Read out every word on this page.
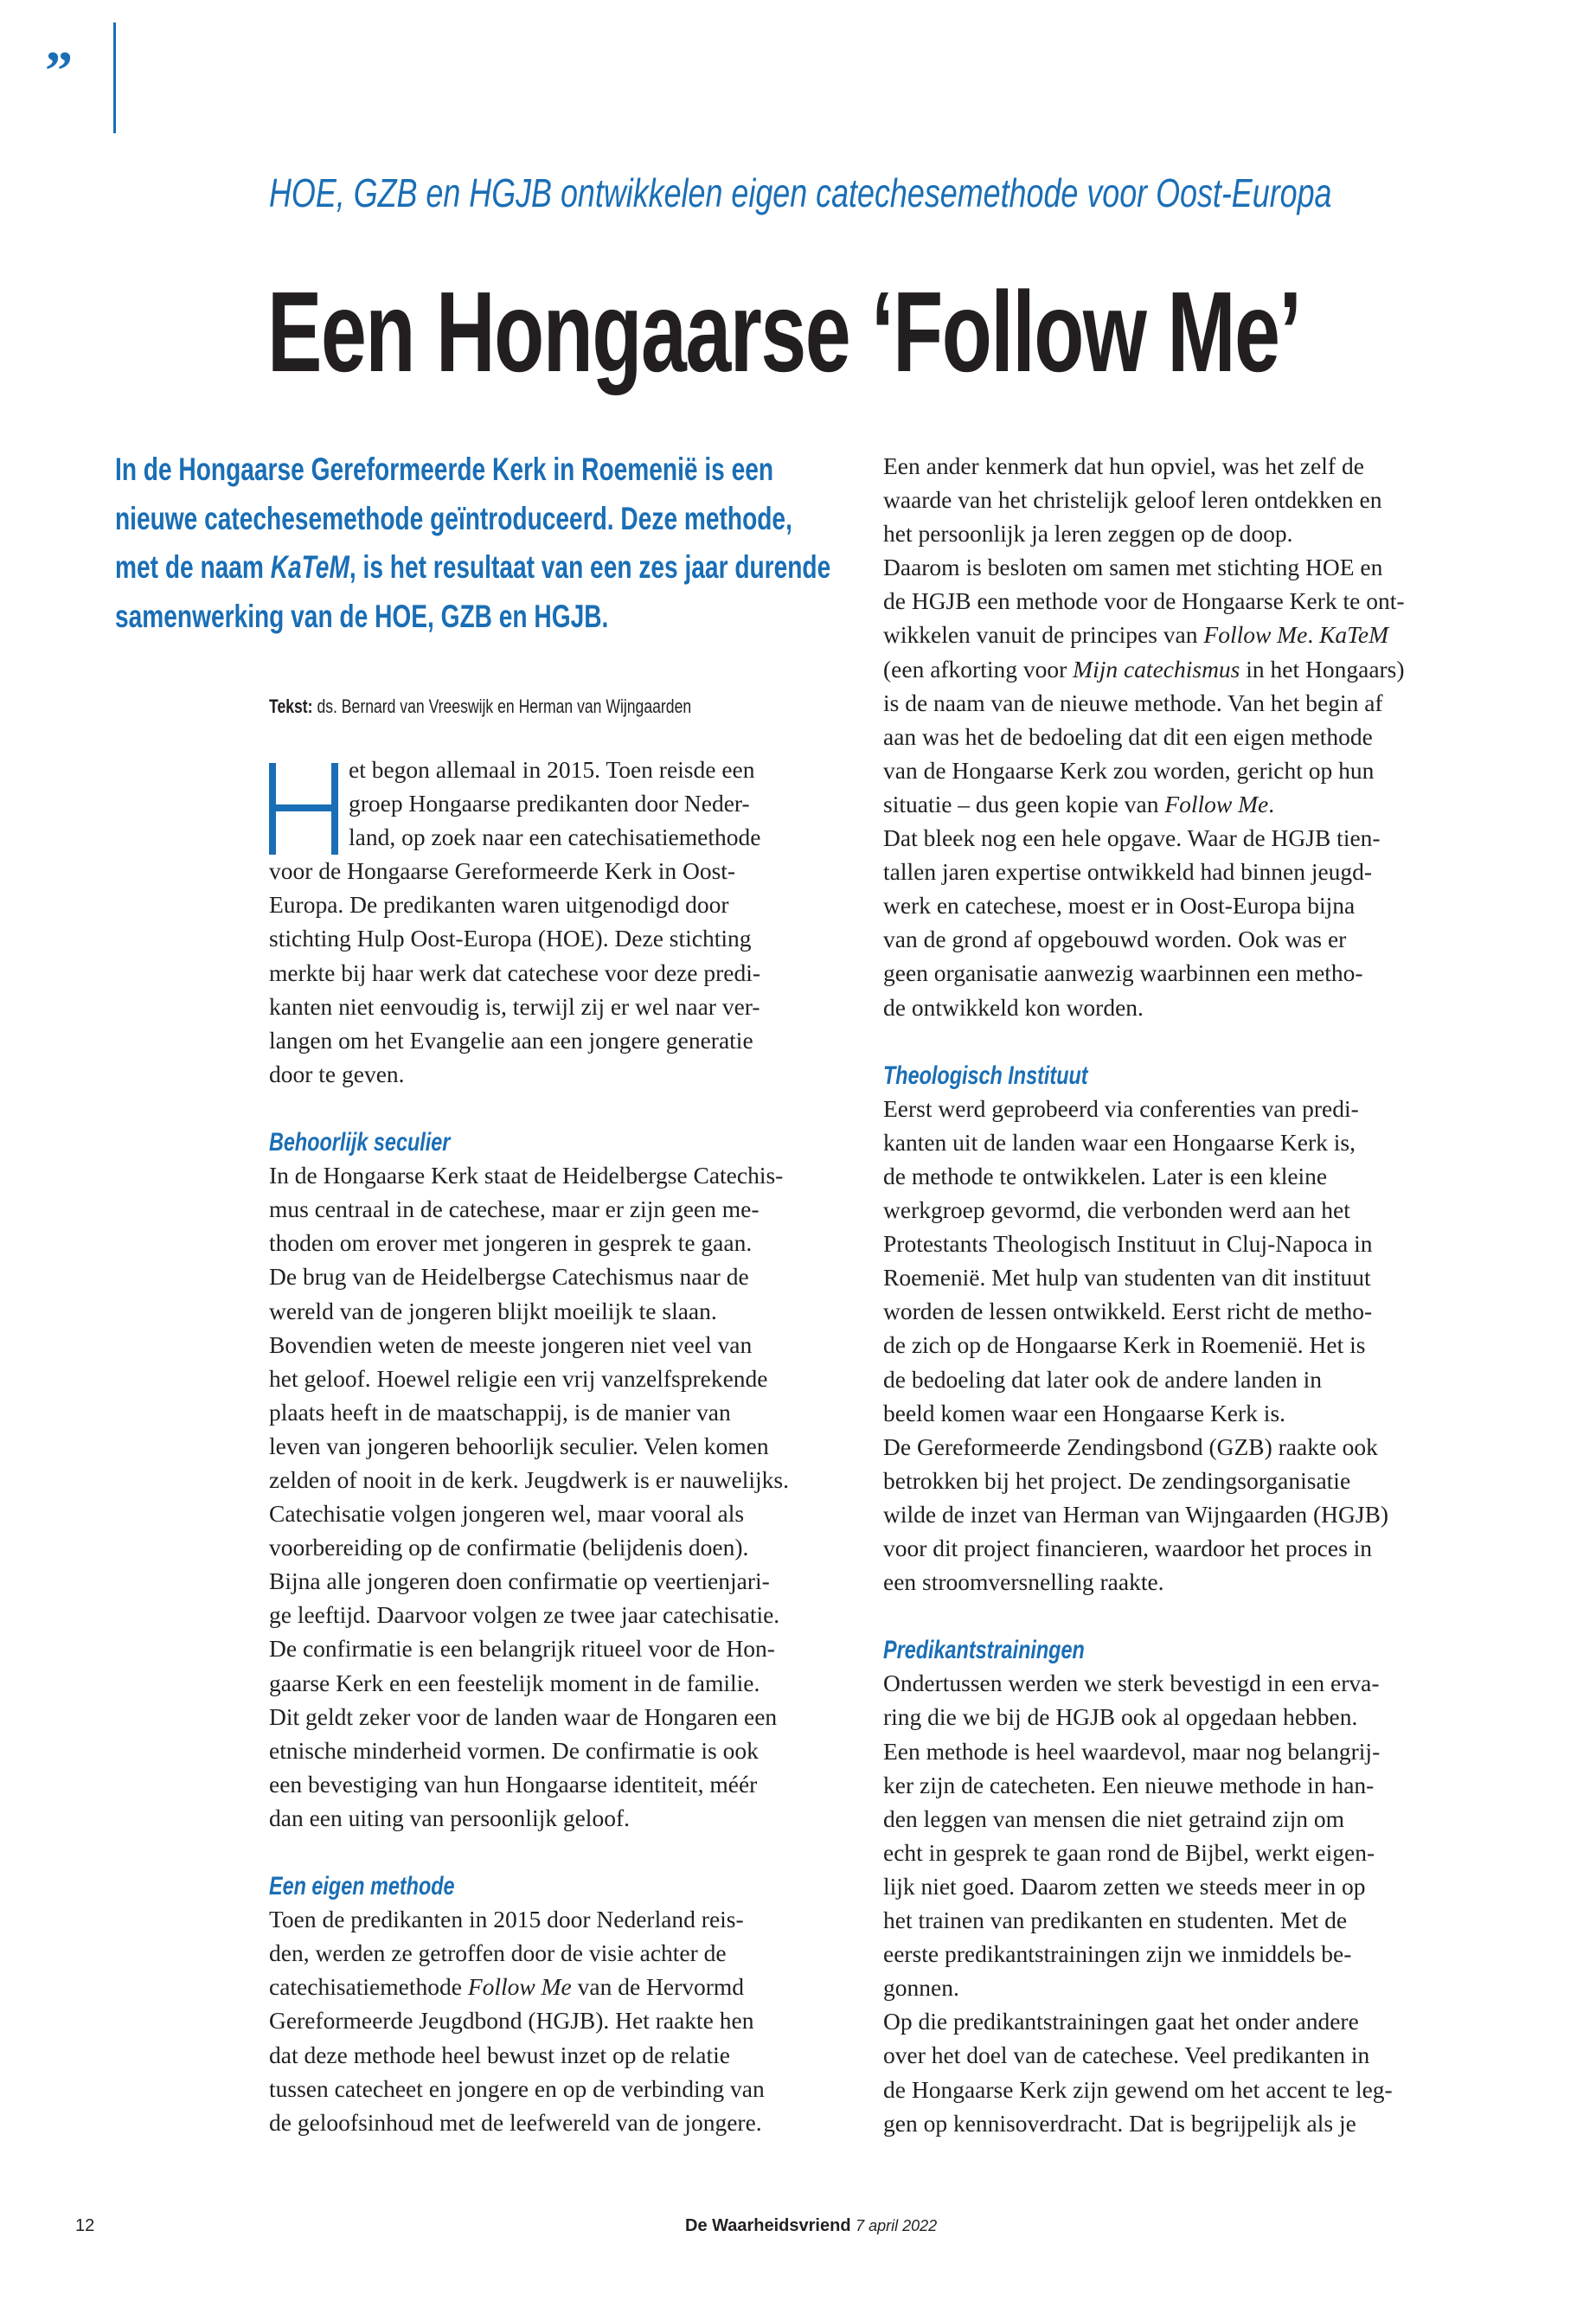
”
HOE, GZB en HGJB ontwikkelen eigen catechesemethode voor Oost-Europa
Een Hongaarse ‘Follow Me’
In de Hongaarse Gereformeerde Kerk in Roemenië is een
nieuwe catechesemethode geïntroduceerd. Deze methode,
met de naam KaTeM, is het resultaat van een zes jaar durende
samenwerking van de HOE, GZB en HGJB.
Tekst: ds. Bernard van Vreeswijk en Herman van Wijngaarden
et begon allemaal in 2015. Toen reisde een
groep Hongaarse predikanten door Neder-
land, op zoek naar een catechisatiemethode
voor de Hongaarse Gereformeerde Kerk in Oost-
Europa. De predikanten waren uitgenodigd door
stichting Hulp Oost-Europa (HOE). Deze stichting
merkte bij haar werk dat catechese voor deze predi-
kanten niet eenvoudig is, terwijl zij er wel naar ver-
langen om het Evangelie aan een jongere generatie
door te geven.
Behoorlijk seculier
In de Hongaarse Kerk staat de Heidelbergse Catechis-
mus centraal in de catechese, maar er zijn geen me-
thoden om erover met jongeren in gesprek te gaan.
De brug van de Heidelbergse Catechismus naar de
wereld van de jongeren blijkt moeilijk te slaan.
Bovendien weten de meeste jongeren niet veel van
het geloof. Hoewel religie een vrij vanzelfsprekende
plaats heeft in de maatschappij, is de manier van
leven van jongeren behoorlijk seculier. Velen komen
zelden of nooit in de kerk. Jeugdwerk is er nauwelijks.
Catechisatie volgen jongeren wel, maar vooral als
voorbereiding op de confirmatie (belijdenis doen).
Bijna alle jongeren doen confirmatie op veertienjari-
ge leeftijd. Daarvoor volgen ze twee jaar catechisatie.
De confirmatie is een belangrijk ritueel voor de Hon-
gaarse Kerk en een feestelijk moment in de familie.
Dit geldt zeker voor de landen waar de Hongaren een
etnische minderheid vormen. De confirmatie is ook
een bevestiging van hun Hongaarse identiteit, méér
dan een uiting van persoonlijk geloof.
Een eigen methode
Toen de predikanten in 2015 door Nederland reis-
den, werden ze getroffen door de visie achter de
catechisatiemethode Follow Me van de Hervormd
Gereformeerde Jeugdbond (HGJB). Het raakte hen
dat deze methode heel bewust inzet op de relatie
tussen catecheet en jongere en op de verbinding van
de geloofsinhoud met de leefwereld van de jongere.
Een ander kenmerk dat hun opviel, was het zelf de
waarde van het christelijk geloof leren ontdekken en
het persoonlijk ja leren zeggen op de doop.
Daarom is besloten om samen met stichting HOE en
de HGJB een methode voor de Hongaarse Kerk te ont-
wikkelen vanuit de principes van Follow Me. KaTeM
(een afkorting voor Mijn catechismus in het Hongaars)
is de naam van de nieuwe methode. Van het begin af
aan was het de bedoeling dat dit een eigen methode
van de Hongaarse Kerk zou worden, gericht op hun
situatie – dus geen kopie van Follow Me.
Dat bleek nog een hele opgave. Waar de HGJB tien-
tallen jaren expertise ontwikkeld had binnen jeugd-
werk en catechese, moest er in Oost-Europa bijna
van de grond af opgebouwd worden. Ook was er
geen organisatie aanwezig waarbinnen een metho-
de ontwikkeld kon worden.
Theologisch Instituut
Eerst werd geprobeerd via conferenties van predi-
kanten uit de landen waar een Hongaarse Kerk is,
de methode te ontwikkelen. Later is een kleine
werkgroep gevormd, die verbonden werd aan het
Protestants Theologisch Instituut in Cluj-Napoca in
Roemenië. Met hulp van studenten van dit instituut
worden de lessen ontwikkeld. Eerst richt de metho-
de zich op de Hongaarse Kerk in Roemenië. Het is
de bedoeling dat later ook de andere landen in
beeld komen waar een Hongaarse Kerk is.
De Gereformeerde Zendingsbond (GZB) raakte ook
betrokken bij het project. De zendingsorganisatie
wilde de inzet van Herman van Wijngaarden (HGJB)
voor dit project financieren, waardoor het proces in
een stroomversnelling raakte.
Predikantstrainingen
Ondertussen werden we sterk bevestigd in een erva-
ring die we bij de HGJB ook al opgedaan hebben.
Een methode is heel waardevol, maar nog belangrij-
ker zijn de catecheten. Een nieuwe methode in han-
den leggen van mensen die niet getraind zijn om
echt in gesprek te gaan rond de Bijbel, werkt eigen-
lijk niet goed. Daarom zetten we steeds meer in op
het trainen van predikanten en studenten. Met de
eerste predikantstrainingen zijn we inmiddels be-
gonnen.
Op die predikantstrainingen gaat het onder andere
over het doel van de catechese. Veel predikanten in
de Hongaarse Kerk zijn gewend om het accent te leg-
gen op kennisoverdracht. Dat is begrijpelijk als je
12	De Waarheidsvriend 7 april 2022
